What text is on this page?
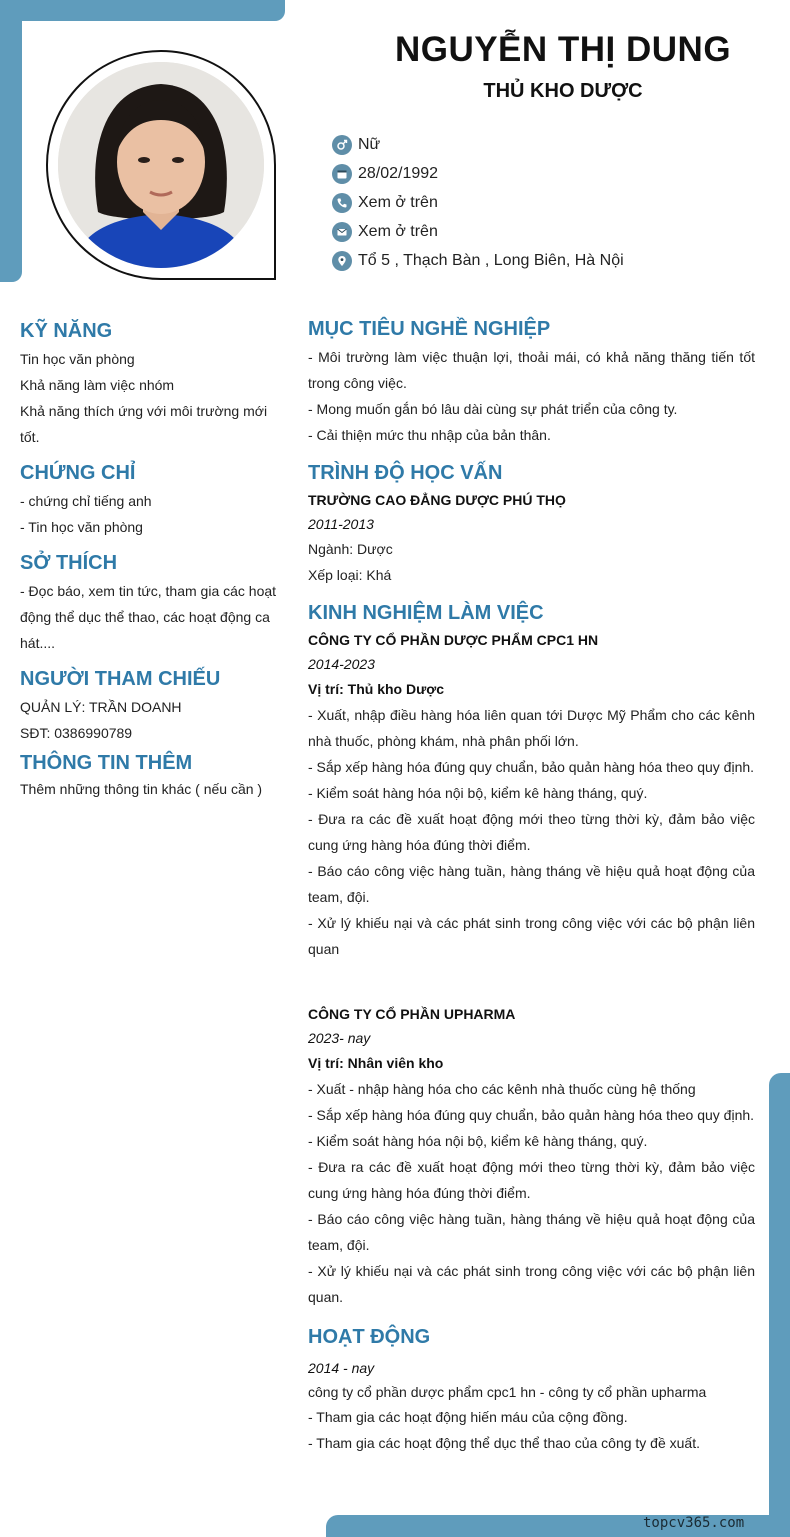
topcv365.com
NGUYỄN THỊ DUNG
THỦ KHO DƯỢC
Nữ
28/02/1992
Xem ở trên
Xem ở trên
Tổ 5 , Thạch Bàn , Long Biên, Hà Nội
KỸ NĂNG
Tin học văn phòng
Khả năng làm việc nhóm
Khả năng thích ứng với môi trường mới tốt.
CHỨNG CHỈ
- chứng chỉ tiếng anh
- Tin học văn phòng
SỞ THÍCH
- Đọc báo, xem tin tức, tham gia các hoạt động thể dục thể thao, các hoạt động ca hát....
NGƯỜI THAM CHIẾU
QUẢN LÝ: TRẦN DOANH
SĐT: 0386990789
THÔNG TIN THÊM
Thêm những thông tin khác ( nếu cần )
MỤC TIÊU NGHỀ NGHIỆP
- Môi trường làm việc thuận lợi, thoải mái, có khả năng thăng tiến tốt trong công việc.
- Mong muốn gắn bó lâu dài cùng sự phát triển của công ty.
- Cải thiện mức thu nhập của bản thân.
TRÌNH ĐỘ HỌC VẤN
TRƯỜNG CAO ĐẲNG DƯỢC PHÚ THỌ
2011-2013
Ngành: Dược
Xếp loại: Khá
KINH NGHIỆM LÀM VIỆC
CÔNG TY CỔ PHẦN DƯỢC PHẨM CPC1 HN
2014-2023
Vị trí: Thủ kho Dược
- Xuất, nhập điều hàng hóa liên quan tới Dược Mỹ Phẩm cho các kênh nhà thuốc, phòng khám, nhà phân phối lớn.
- Sắp xếp hàng hóa đúng quy chuẩn, bảo quản hàng hóa theo quy định.
- Kiểm soát hàng hóa nội bộ, kiểm kê hàng tháng, quý.
- Đưa ra các đề xuất hoạt động mới theo từng thời kỳ, đảm bảo việc cung ứng hàng hóa đúng thời điểm.
- Báo cáo công việc hàng tuần, hàng tháng về hiệu quả hoạt động của team, đội.
- Xử lý khiếu nại và các phát sinh trong công việc với các bộ phận liên quan
CÔNG TY CỔ PHẦN UPHARMA
2023- nay
Vị trí: Nhân viên kho
- Xuất - nhập hàng hóa cho các kênh nhà thuốc cùng hệ thống
- Sắp xếp hàng hóa đúng quy chuẩn, bảo quản hàng hóa theo quy định.
- Kiểm soát hàng hóa nội bộ, kiểm kê hàng tháng, quý.
- Đưa ra các đề xuất hoạt động mới theo từng thời kỳ, đảm bảo việc cung ứng hàng hóa đúng thời điểm.
- Báo cáo công việc hàng tuần, hàng tháng về hiệu quả hoạt động của team, đội.
- Xử lý khiếu nại và các phát sinh trong công việc với các bộ phận liên quan.
HOẠT ĐỘNG
2014 - nay
công ty cổ phần dược phẩm cpc1 hn - công ty cổ phần upharma
- Tham gia các hoạt động hiến máu của cộng đồng.
- Tham gia các hoạt động thể dục thể thao của công ty đề xuất.
